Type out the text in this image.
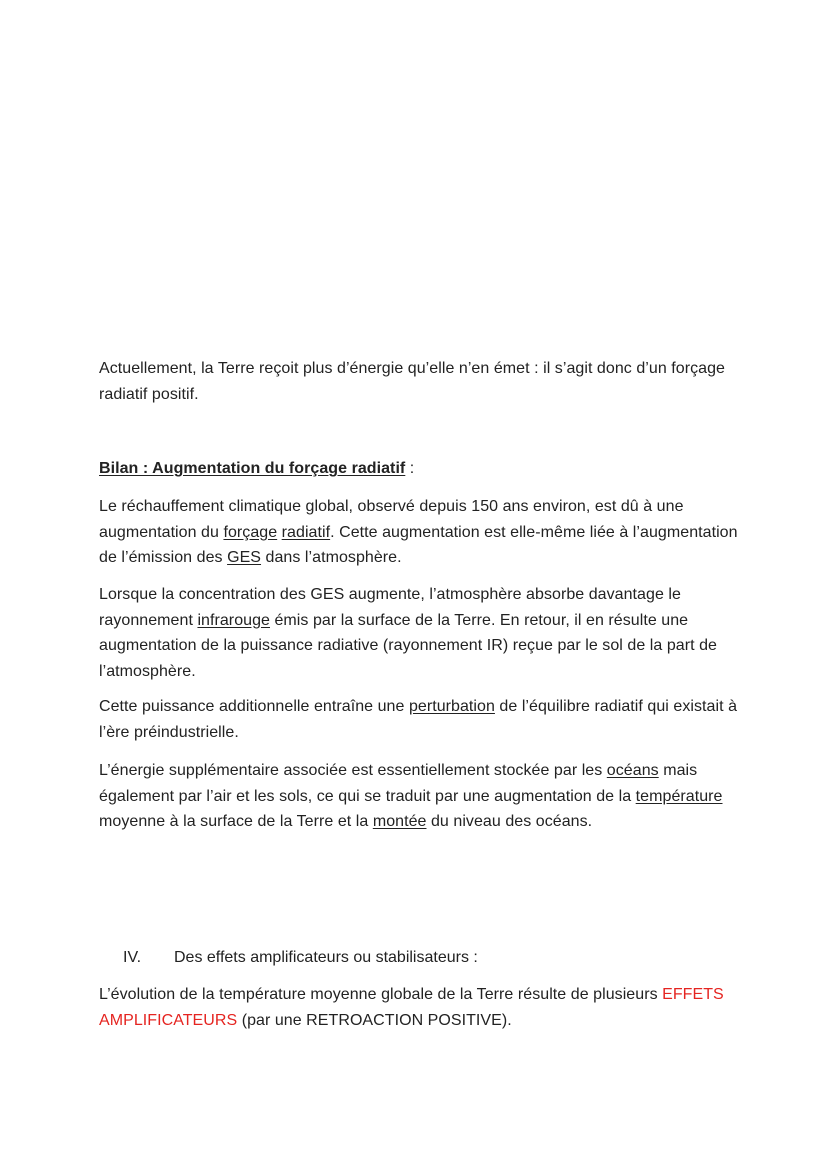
Actuellement, la Terre reçoit plus d’énergie qu’elle n’en émet : il s’agit donc d’un forçage radiatif positif.

Bilan : Augmentation du forçage radiatif :

Le réchauffement climatique global, observé depuis 150 ans environ, est dû à une augmentation du forçage radiatif. Cette augmentation est elle-même liée à l’augmentation de l’émission des GES dans l’atmosphère.

Lorsque la concentration des GES augmente, l’atmosphère absorbe davantage le rayonnement infrarouge émis par la surface de la Terre. En retour, il en résulte une augmentation de la puissance radiative (rayonnement IR) reçue par le sol de la part de l’atmosphère.

Cette puissance additionnelle entraîne une perturbation de l’équilibre radiatif qui existait à l’ère préindustrielle.

L’énergie supplémentaire associée est essentiellement stockée par les océans mais également par l’air et les sols, ce qui se traduit par une augmentation de la température moyenne à la surface de la Terre et la montée du niveau des océans.

IV. Des effets amplificateurs ou stabilisateurs :

L’évolution de la température moyenne globale de la Terre résulte de plusieurs EFFETS AMPLIFICATEURS (par une RETROACTION POSITIVE).
